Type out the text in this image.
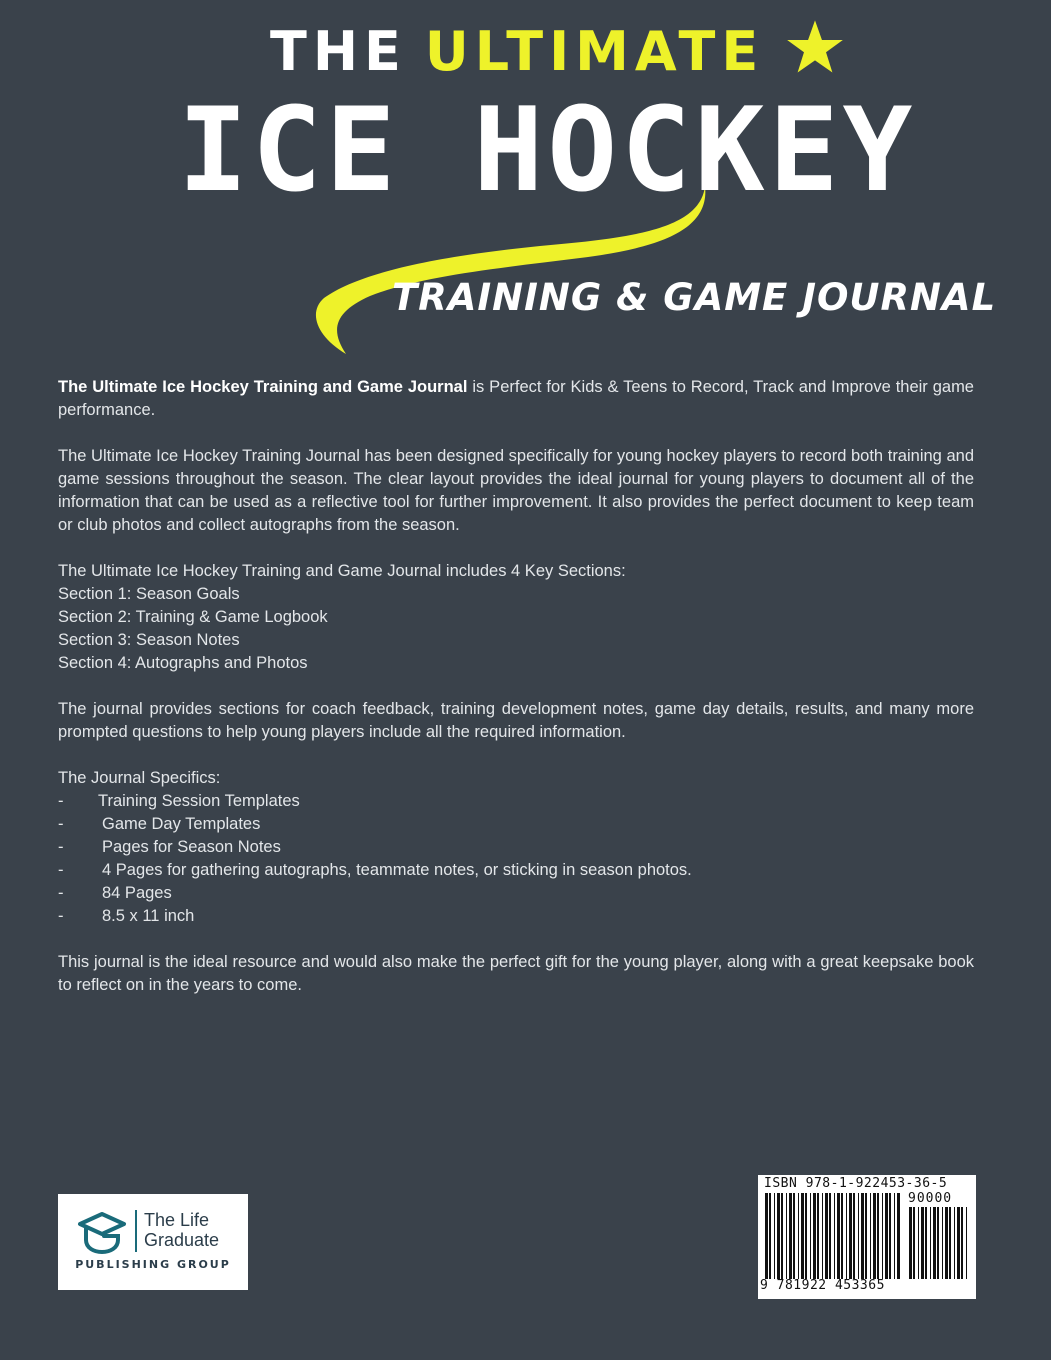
THE ULTIMATE
ICE HOCKEY
TRAINING & GAME JOURNAL

The Ultimate Ice Hockey Training and Game Journal is Perfect for Kids & Teens to Record, Track and Improve their game performance.

The Ultimate Ice Hockey Training Journal has been designed specifically for young hockey players to record both training and game sessions throughout the season. The clear layout provides the ideal journal for young players to document all of the information that can be used as a reflective tool for further improvement. It also provides the perfect document to keep team or club photos and collect autographs from the season.

The Ultimate Ice Hockey Training and Game Journal includes 4 Key Sections:
Section 1: Season Goals
Section 2: Training & Game Logbook
Section 3: Season Notes
Section 4: Autographs and Photos

The journal provides sections for coach feedback, training development notes, game day details, results, and many more prompted questions to help young players include all the required information.

The Journal Specifics:
-	Training Session Templates
-	Game Day Templates
-	Pages for Season Notes
-	4 Pages for gathering autographs, teammate notes, or sticking in season photos.
-	84 Pages
-	8.5 x 11 inch

This journal is the ideal resource and would also make the perfect gift for the young player, along with a great keepsake book to reflect on in the years to come.

The Life
Graduate
PUBLISHING GROUP
ISBN 978-1-922453-36-5
90000
9 781922 453365
